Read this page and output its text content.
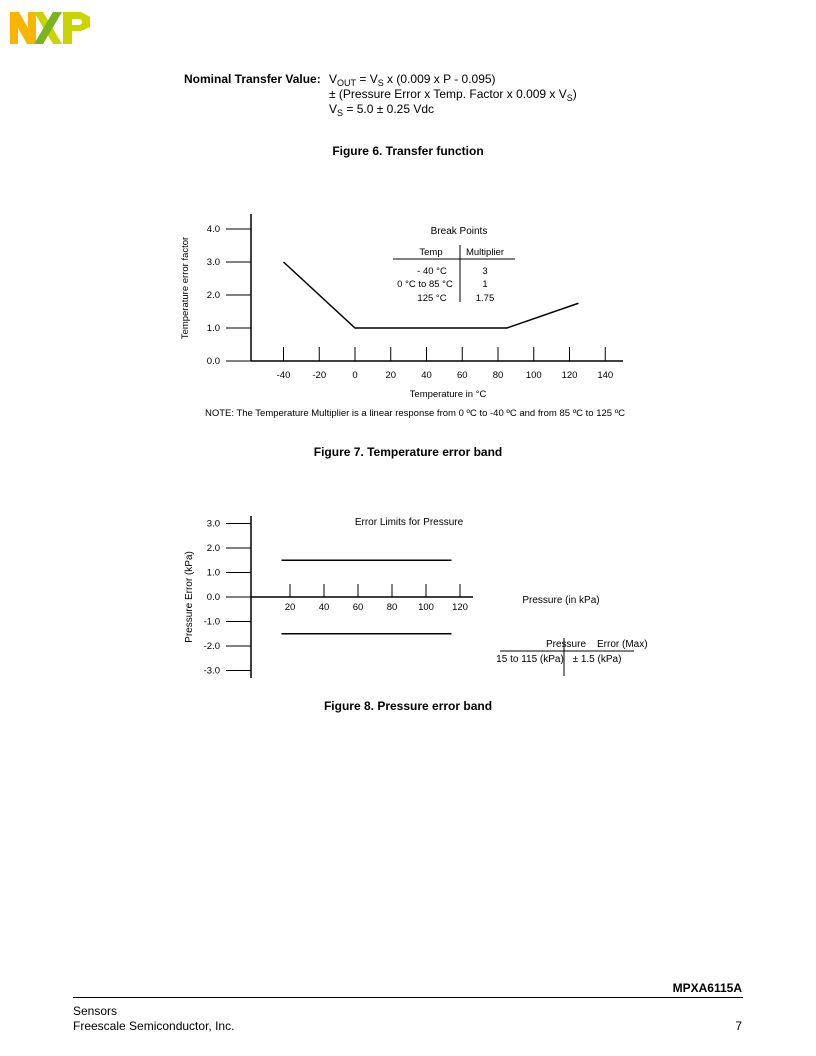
Nominal Transfer Value: $V_{OUT} = V_S$ x (0.009 x P - 0.095)
± (Pressure Error x Temp. Factor x 0.009 x $V_S$)
$V_S = 5.0 \pm 0.25$ Vdc
Figure 6. Transfer function
0.0
1.0
2.0
3.0
4.0
-40 -20	0	20	40	60	80 100 120 140
Temperature in °C
Temperature error factor
Break Points
Temp Multiplier
- 40 °C	3
0 °C to 85 °C	1
125 °C	1.75
NOTE: The Temperature Multiplier is a linear response from 0 ºC to -40 ºC and from 85 ºC to 125 ºC
3.0
2.0
1.0
0.0
-1.0
-2.0
-3.0
20 40 60 80 100 120
Error Limits for Pressure
Pressure (in kPa)
Pressure Error (kPa)
Pressure Error (Max)
15 to 115 (kPa) ± 1.5 (kPa)
Figure 7. Temperature error band
Figure 8. Pressure error band
MPXA6115A
Sensors
Freescale Semiconductor, Inc.	7
